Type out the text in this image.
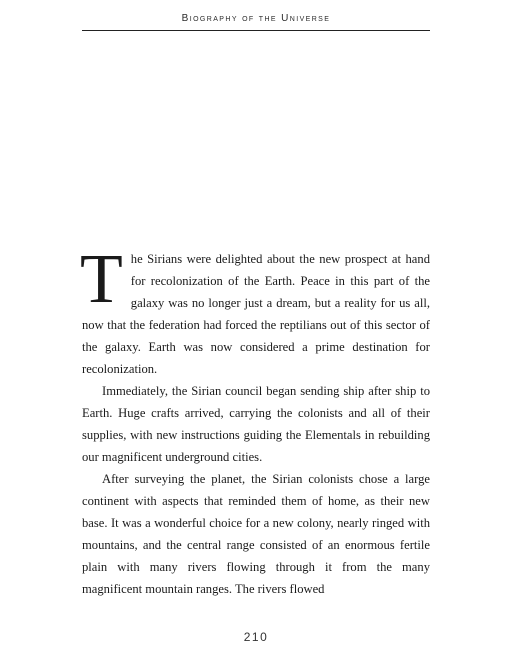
Biography of the Universe

The Sirians were delighted about the new prospect at hand for recolonization of the Earth. Peace in this part of the galaxy was no longer just a dream, but a reality for us all, now that the federation had forced the reptilians out of this sector of the galaxy. Earth was now considered a prime destination for recolonization.

Immediately, the Sirian council began sending ship after ship to Earth. Huge crafts arrived, carrying the colonists and all of their supplies, with new instructions guiding the Elementals in rebuilding our magnificent underground cities.

After surveying the planet, the Sirian colonists chose a large continent with aspects that reminded them of home, as their new base. It was a wonderful choice for a new colony, nearly ringed with mountains, and the central range consisted of an enormous fertile plain with many rivers flowing through it from the many magnificent mountain ranges. The rivers flowed

210
